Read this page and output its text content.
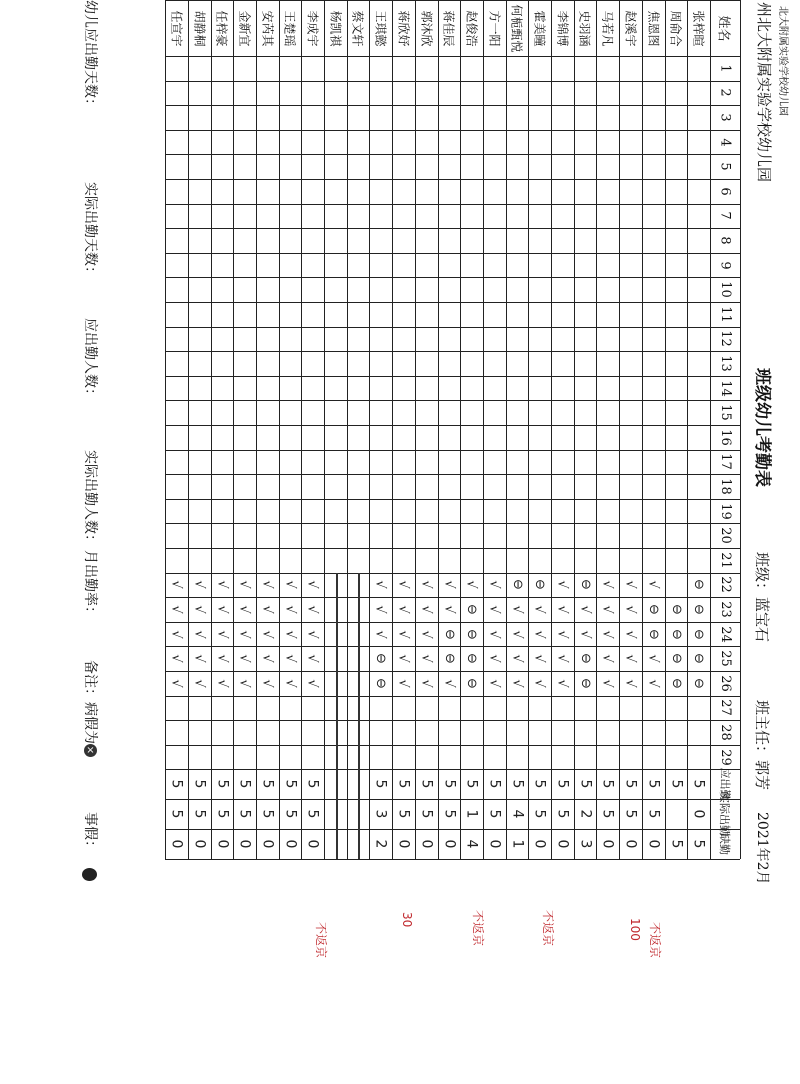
北大附属实验学校幼儿园
州北大附属实验学校幼儿园
班级幼儿考勤表
班级：
蓝宝石
班主任：
郭芳
2021年2月
姓名
1
2
3
4
5
6
7
8
9
10
11
12
13
14
15
16
17
18
19
20
21
22
23
24
25
26
27
28
29
应出勤
实际出勤
缺勤
张梓暄
⊖
⊖
⊖
⊖
⊖
5
0
5
周俞合
⊖
⊖
⊖
⊖
5
5
焦恩图
√
⊖
⊖
√
√
5
5
0
赵溪宇
√
√
√
√
√
5
5
0
马若凡
√
√
√
√
√
5
5
0
史羽涵
⊖
√
√
⊖
⊖
5
2
3
李锦博
√
√
√
√
√
5
5
0
霍美瞳
⊖
√
√
√
√
5
5
0
何栀甄悦
⊖
√
√
√
√
5
4
1
方一阳
√
√
√
√
√
5
5
0
赵俊浩
√
⊖
⊖
⊖
⊖
5
1
4
蒋佳辰
√
√
⊖
⊖
√
5
5
0
郭沐欣
√
√
√
√
√
5
5
0
蒋欣妤
√
√
√
√
√
5
5
0
王琪懿
√
√
√
⊖
⊖
5
3
2
蔡文轩
杨凯祺
李成宇
√
√
√
√
√
5
5
0
王楚瑶
√
√
√
√
√
5
5
0
安芮其
√
√
√
√
√
5
5
0
金新宜
√
√
√
√
√
5
5
0
任梓豪
√
√
√
√
√
5
5
0
胡静桐
√
√
√
√
√
5
5
0
任宣宇
√
√
√
√
√
5
5
0
幼儿应出勤天数：
实际出勤天数：
应出勤人数：
实际出勤人数：
月出勤率：
备注：病假为
×
事假：
不返京
100
不返京
不返京
30
不返京
